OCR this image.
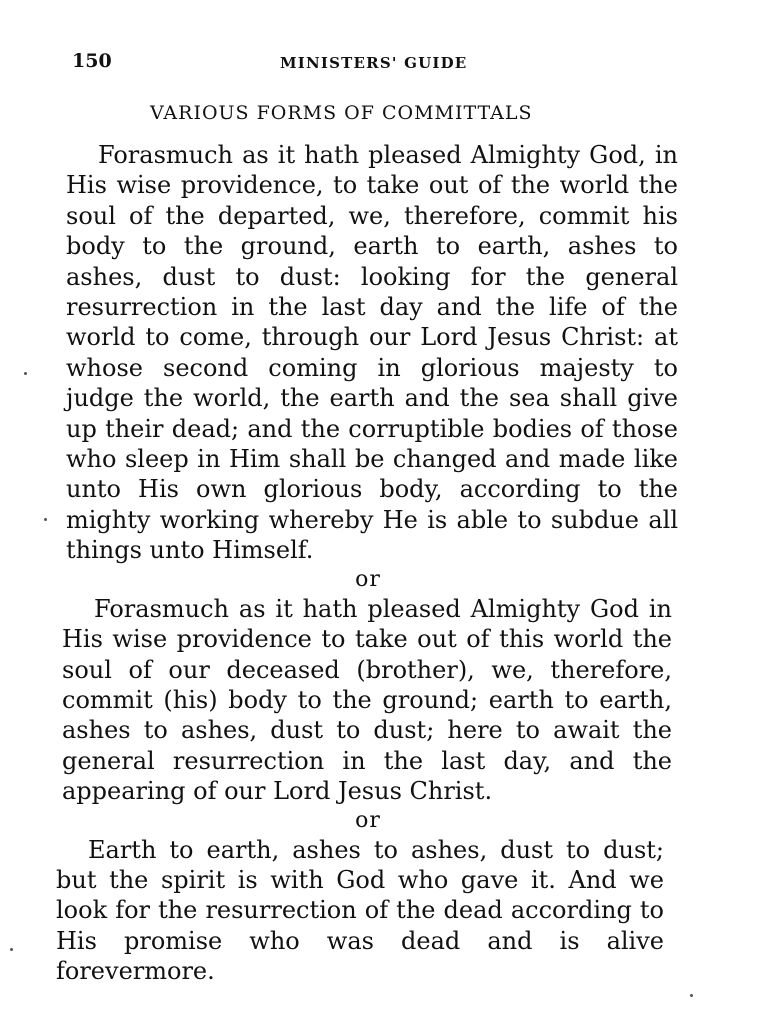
150	MINISTERS' GUIDE
VARIOUS FORMS OF COMMITTALS

Forasmuch as it hath pleased Almighty God, in His wise providence, to take out of the world the soul of the departed, we, therefore, commit his body to the ground, earth to earth, ashes to ashes, dust to dust: looking for the general resurrection in the last day and the life of the world to come, through our Lord Jesus Christ: at whose second coming in glorious majesty to judge the world, the earth and the sea shall give up their dead; and the corruptible bodies of those who sleep in Him shall be changed and made like unto His own glorious body, according to the mighty working whereby He is able to subdue all things unto Himself.

or

Forasmuch as it hath pleased Almighty God in His wise providence to take out of this world the soul of our deceased (brother), we, therefore, commit (his) body to the ground; earth to earth, ashes to ashes, dust to dust; here to await the general resurrection in the last day, and the appearing of our Lord Jesus Christ.

or

Earth to earth, ashes to ashes, dust to dust; but the spirit is with God who gave it. And we look for the resurrection of the dead according to His promise who was dead and is alive forevermore.
